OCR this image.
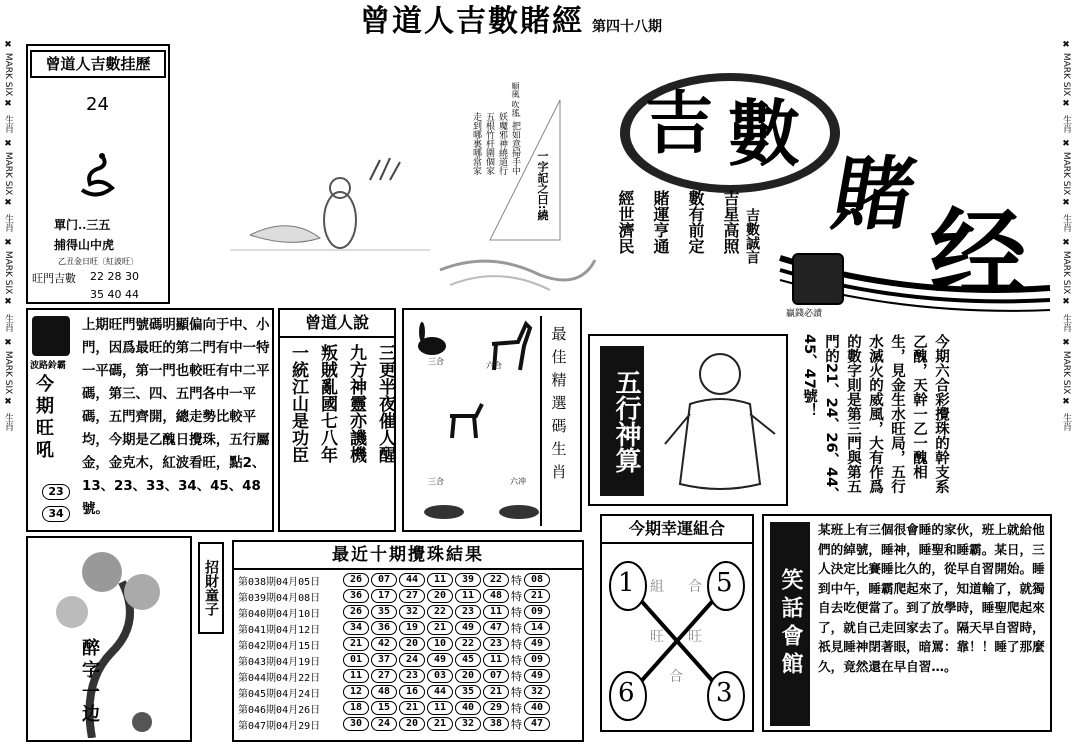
✖ MARK SIX ✖
生肖
✖ MARK SIX ✖
生肖
✖ MARK SIX ✖
生肖
✖ MARK SIX ✖
生肖
✖ MARK SIX ✖
生肖
✖ MARK SIX ✖
生肖
✖ MARK SIX ✖
生肖
✖ MARK SIX ✖
生肖
曾道人吉數賭經 第四十八期
曾道人吉數挂歷
24
單门..三五
捕得山中虎
乙丑金日旺〔紅波旺〕
旺門吉數 22 28 30
35 40 44
順風 吹瑤
一把如意掃手中
妖魔邪神繞道行
五根竹杆圍個家
走到哪裏哪當家
一字記之曰:繞
吉 數
賭
经
贏錢必讀
吉數誠言
吉星高照
數有前定
賭運亨通
經世濟民
波路鈴霸
今期旺吼
23
34
上期旺門號碼明顯偏向于中、小門，因爲最旺的第二門有中一特一平碼，第一門也較旺有中二平碼，第三、四、五門各中一平碼，五門齊開，總走勢比較平均，今期是乙醜日攪珠，五行屬金，金克木，紅波看旺，點2、13、23、33、34、45、48號。
曾道人說
三更半夜催人醒
九方神靈亦譏機
叛賊亂國七八年
一統江山是功臣	三合	六合
三合	六冲 最佳精選碼生肖	五行神算	今期六合彩攪珠的幹支系乙醜，天幹一乙一醜相生，見金生水旺局，五行水滅火的威風，大有作爲的數字則是第三門與第五門的21、24、26、44、45、47號！
招財童子
最近十期攪珠結果
第038期04月05日	26	07	44	11	39	22 特 08
第039期04月08日	36	17	27	20	11	48 特 21
第040期04月10日	26	35	32	22	23	11 特 09
第041期04月12日	34	36	19	21	49	47 特 14
第042期04月15日	21	42	20	10	22	23 特 49
第043期04月19日	01	37	24	49	45	11 特 09
第044期04月22日	11	27	23	03	20	07 特 49
第045期04月24日	12	48	16	44	35	21 特 32
第046期04月26日	18	15	21	11	40	29 特 40
第047期04月29日	30	24	20	21	32	38 特 47
醉字一边
今期幸運組合
1	5
6	3
組 合
旺 旺
合	笑話會館
某班上有三個很會睡的家伙，班上就給他們的綽號，睡神，睡聖和睡霸。某日，三人決定比賽睡比久的，從早自習開始。睡到中午，睡霸爬起來了，知道輸了，就獨自去吃便當了。到了放學時，睡聖爬起來了，就自己走回家去了。隔天早自習時，祇見睡神閉著眼，暗罵：靠！！睡了那麼久，竟然還在早自習…。
